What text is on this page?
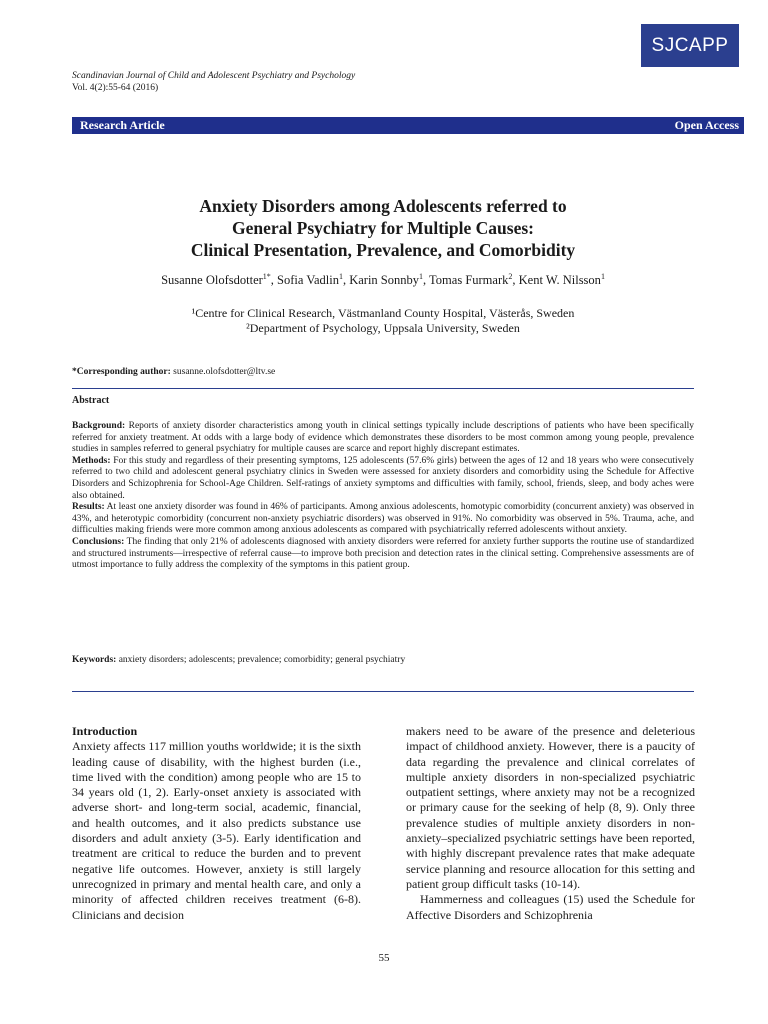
SJCAPP
Scandinavian Journal of Child and Adolescent Psychiatry and Psychology
Vol. 4(2):55-64 (2016)
Research Article	Open Access
Anxiety Disorders among Adolescents referred to
General Psychiatry for Multiple Causes:
Clinical Presentation, Prevalence, and Comorbidity
Susanne Olofsdotter$^{1*}$, Sofia Vadlin$^1$, Karin Sonnby$^1$, Tomas Furmark$^2$, Kent W. Nilsson$^1$
¹Centre for Clinical Research, Västmanland County Hospital, Västerås, Sweden
²Department of Psychology, Uppsala University, Sweden
*Corresponding author: susanne.olofsdotter@ltv.se
Abstract

Background: Reports of anxiety disorder characteristics among youth in clinical settings typically include descriptions of patients who have been specifically referred for anxiety treatment. At odds with a large body of evidence which demonstrates these disorders to be most common among young people, prevalence studies in samples referred to general psychiatry for multiple causes are scarce and report highly discrepant estimates.

Methods: For this study and regardless of their presenting symptoms, 125 adolescents (57.6% girls) between the ages of 12 and 18 years who were consecutively referred to two child and adolescent general psychiatry clinics in Sweden were assessed for anxiety disorders and comorbidity using the Schedule for Affective Disorders and Schizophrenia for School-Age Children. Self-ratings of anxiety symptoms and difficulties with family, school, friends, sleep, and body aches were also obtained.

Results: At least one anxiety disorder was found in 46% of participants. Among anxious adolescents, homotypic comorbidity (concurrent anxiety) was observed in 43%, and heterotypic comorbidity (concurrent non-anxiety psychiatric disorders) was observed in 91%. No comorbidity was observed in 5%. Trauma, ache, and difficulties making friends were more common among anxious adolescents as compared with psychiatrically referred adolescents without anxiety.

Conclusions: The finding that only 21% of adolescents diagnosed with anxiety disorders were referred for anxiety further supports the routine use of standardized and structured instruments—irrespective of referral cause—to improve both precision and detection rates in the clinical setting. Comprehensive assessments are of utmost importance to fully address the complexity of the symptoms in this patient group.

Keywords: anxiety disorders; adolescents; prevalence; comorbidity; general psychiatry

Introduction

Anxiety affects 117 million youths worldwide; it is the sixth leading cause of disability, with the highest burden (i.e., time lived with the condition) among people who are 15 to 34 years old (1, 2). Early-onset anxiety is associated with adverse short- and long-term social, academic, financial, and health outcomes, and it also predicts substance use disorders and adult anxiety (3-5). Early identification and treatment are critical to reduce the burden and to prevent negative life outcomes. However, anxiety is still largely unrecognized in primary and mental health care, and only a minority of affected children receives treatment (6-8). Clinicians and decision

makers need to be aware of the presence and deleterious impact of childhood anxiety. However, there is a paucity of data regarding the prevalence and clinical correlates of multiple anxiety disorders in non-specialized psychiatric outpatient settings, where anxiety may not be a recognized or primary cause for the seeking of help (8, 9). Only three prevalence studies of multiple anxiety disorders in non-anxiety–specialized psychiatric settings have been reported, with highly discrepant prevalence rates that make adequate service planning and resource allocation for this setting and patient group difficult tasks (10-14).

Hammerness and colleagues (15) used the Schedule for Affective Disorders and Schizophrenia

55
